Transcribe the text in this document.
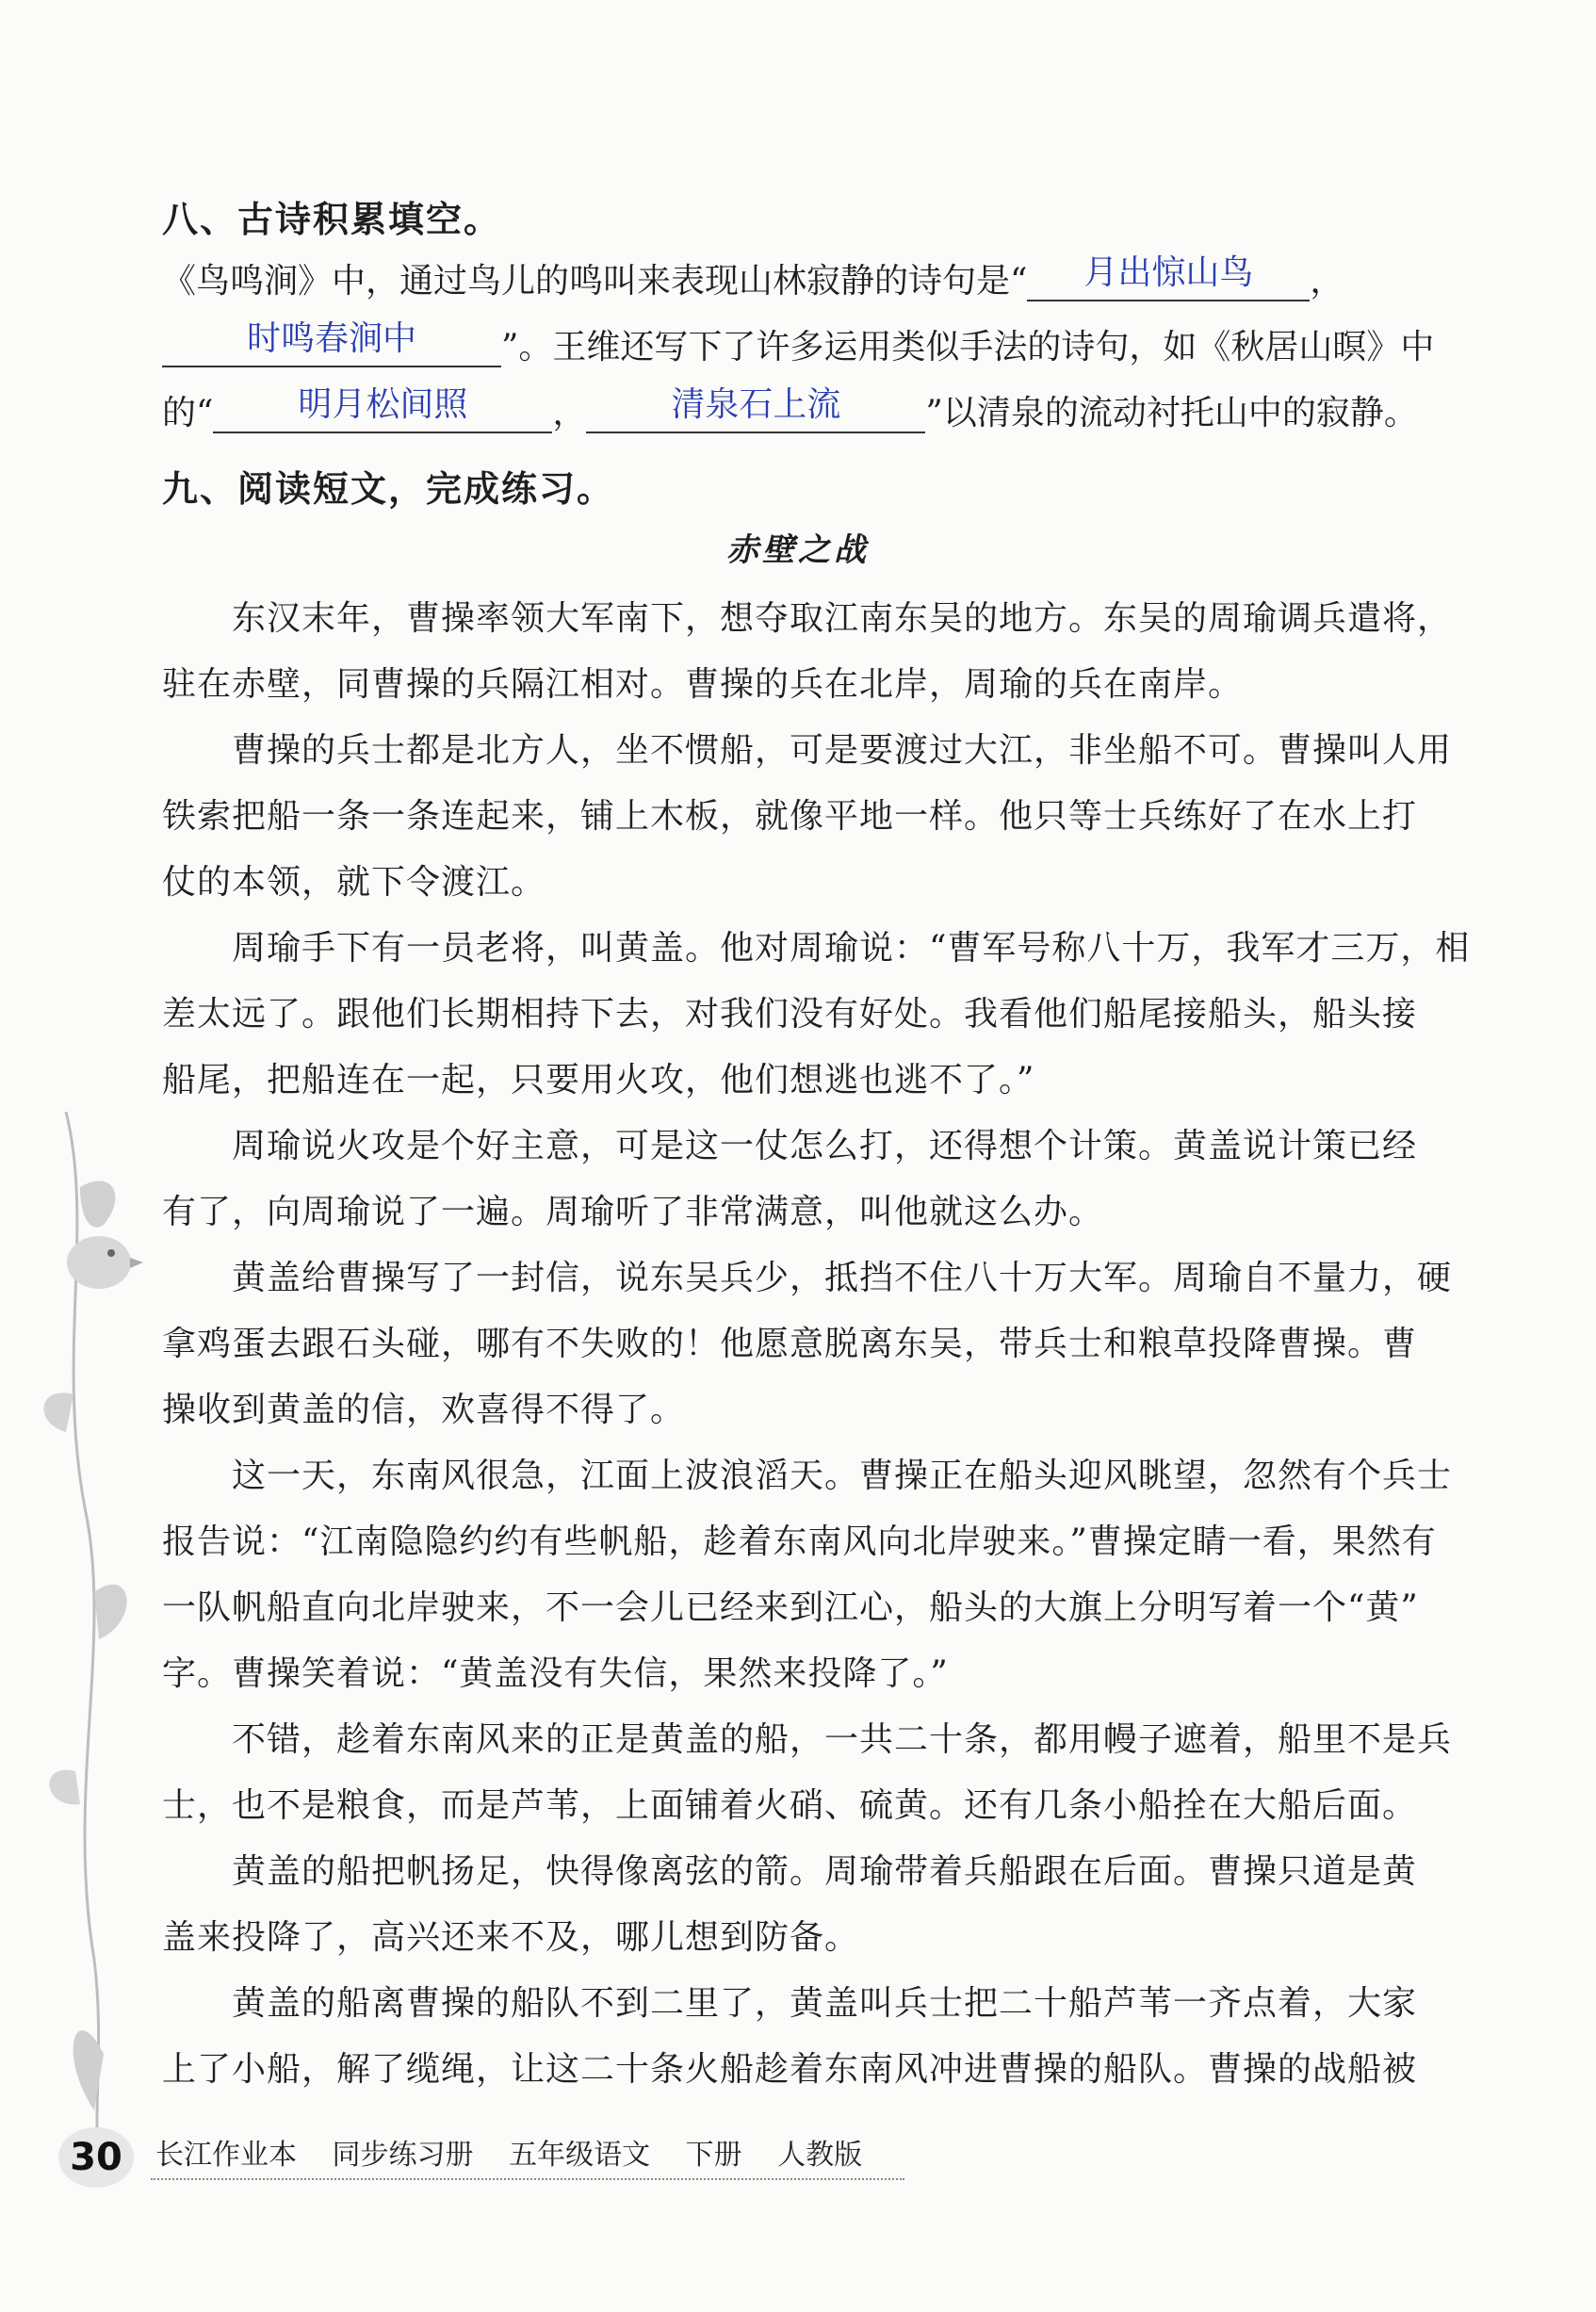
八、古诗积累填空。
《鸟鸣涧》中，通过鸟儿的鸣叫来表现山林寂静的诗句是“	月出惊山鸟	，
时鸣春涧中	”。王维还写下了许多运用类似手法的诗句，如《秋居山暝》中
的“	明月松间照	，	清泉石上流	”以清泉的流动衬托山中的寂静。
九、阅读短文，完成练习。
赤壁之战
　　东汉末年，曹操率领大军南下，想夺取江南东吴的地方。东吴的周瑜调兵遣将，
驻在赤壁，同曹操的兵隔江相对。曹操的兵在北岸，周瑜的兵在南岸。
　　曹操的兵士都是北方人，坐不惯船，可是要渡过大江，非坐船不可。曹操叫人用
铁索把船一条一条连起来，铺上木板，就像平地一样。他只等士兵练好了在水上打
仗的本领，就下令渡江。
　　周瑜手下有一员老将，叫黄盖。他对周瑜说：“曹军号称八十万，我军才三万，相
差太远了。跟他们长期相持下去，对我们没有好处。我看他们船尾接船头，船头接
船尾，把船连在一起，只要用火攻，他们想逃也逃不了。”
　　周瑜说火攻是个好主意，可是这一仗怎么打，还得想个计策。黄盖说计策已经
有了，向周瑜说了一遍。周瑜听了非常满意，叫他就这么办。
　　黄盖给曹操写了一封信，说东吴兵少，抵挡不住八十万大军。周瑜自不量力，硬
拿鸡蛋去跟石头碰，哪有不失败的！他愿意脱离东吴，带兵士和粮草投降曹操。曹
操收到黄盖的信，欢喜得不得了。
　　这一天，东南风很急，江面上波浪滔天。曹操正在船头迎风眺望，忽然有个兵士
报告说：“江南隐隐约约有些帆船，趁着东南风向北岸驶来。”曹操定睛一看，果然有
一队帆船直向北岸驶来，不一会儿已经来到江心，船头的大旗上分明写着一个“黄”
字。曹操笑着说：“黄盖没有失信，果然来投降了。”
　　不错，趁着东南风来的正是黄盖的船，一共二十条，都用幔子遮着，船里不是兵
士，也不是粮食，而是芦苇，上面铺着火硝、硫黄。还有几条小船拴在大船后面。
　　黄盖的船把帆扬足，快得像离弦的箭。周瑜带着兵船跟在后面。曹操只道是黄
盖来投降了，高兴还来不及，哪儿想到防备。
　　黄盖的船离曹操的船队不到二里了，黄盖叫兵士把二十船芦苇一齐点着，大家
上了小船，解了缆绳，让这二十条火船趁着东南风冲进曹操的船队。曹操的战船被
30	长江作业本 同步练习册 五年级语文 下册 人教版
